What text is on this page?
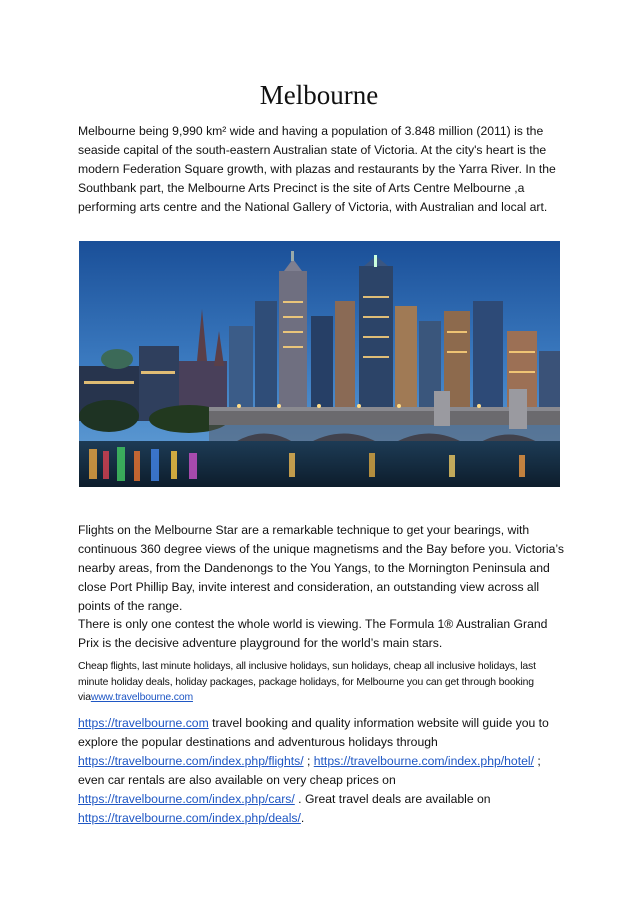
Melbourne
Melbourne being 9,990 km² wide and having a population of 3.848 million (2011) is the seaside capital of the south-eastern Australian state of Victoria. At the city's heart is the modern Federation Square growth, with plazas and restaurants by the Yarra River. In the Southbank part, the Melbourne Arts Precinct is the site of Arts Centre Melbourne ,a performing arts centre and the National Gallery of Victoria, with Australian and local art.
Flights on the Melbourne Star are a remarkable technique to get your bearings, with continuous 360 degree views of the unique magnetisms and the Bay before you. Victoria’s nearby areas, from the Dandenongs to the You Yangs, to the Mornington Peninsula and close Port Phillip Bay, invite interest and consideration, an outstanding view across all points of the range.
There is only one contest the whole world is viewing. The Formula 1® Australian Grand Prix is the decisive adventure playground for the world’s main stars.
Cheap flights, last minute holidays, all inclusive holidays, sun holidays, cheap all inclusive holidays, last minute holiday deals, holiday packages, package holidays, for Melbourne you can get through booking viawww.travelbourne.com
https://travelbourne.com travel booking and quality information website will guide you to explore the popular destinations and adventurous holidays through
https://travelbourne.com/index.php/flights/ ; https://travelbourne.com/index.php/hotel/ ;
even car rentals are also available on very cheap prices on
https://travelbourne.com/index.php/cars/ . Great travel deals are available on
https://travelbourne.com/index.php/deals/.
